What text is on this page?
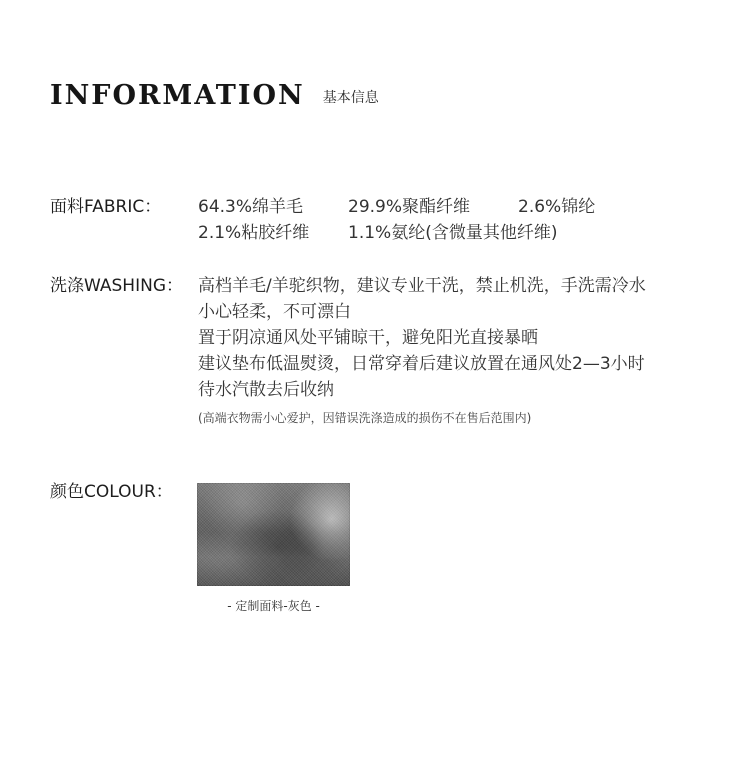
INFORMATION 基本信息
面料FABRIC： 64.3%绵羊毛	29.9%聚酯纤维	2.6%锦纶
2.1%粘胶纤维	1.1%氨纶(含微量其他纤维)
洗涤WASHING： 高档羊毛/羊驼织物，建议专业干洗，禁止机洗，手洗需冷水
小心轻柔，不可漂白
置于阴凉通风处平铺晾干，避免阳光直接暴晒
建议垫布低温熨烫，日常穿着后建议放置在通风处2—3小时
待水汽散去后收纳
(高端衣物需小心爱护，因错误洗涤造成的损伤不在售后范围内)
颜色COLOUR：
- 定制面料-灰色 -
